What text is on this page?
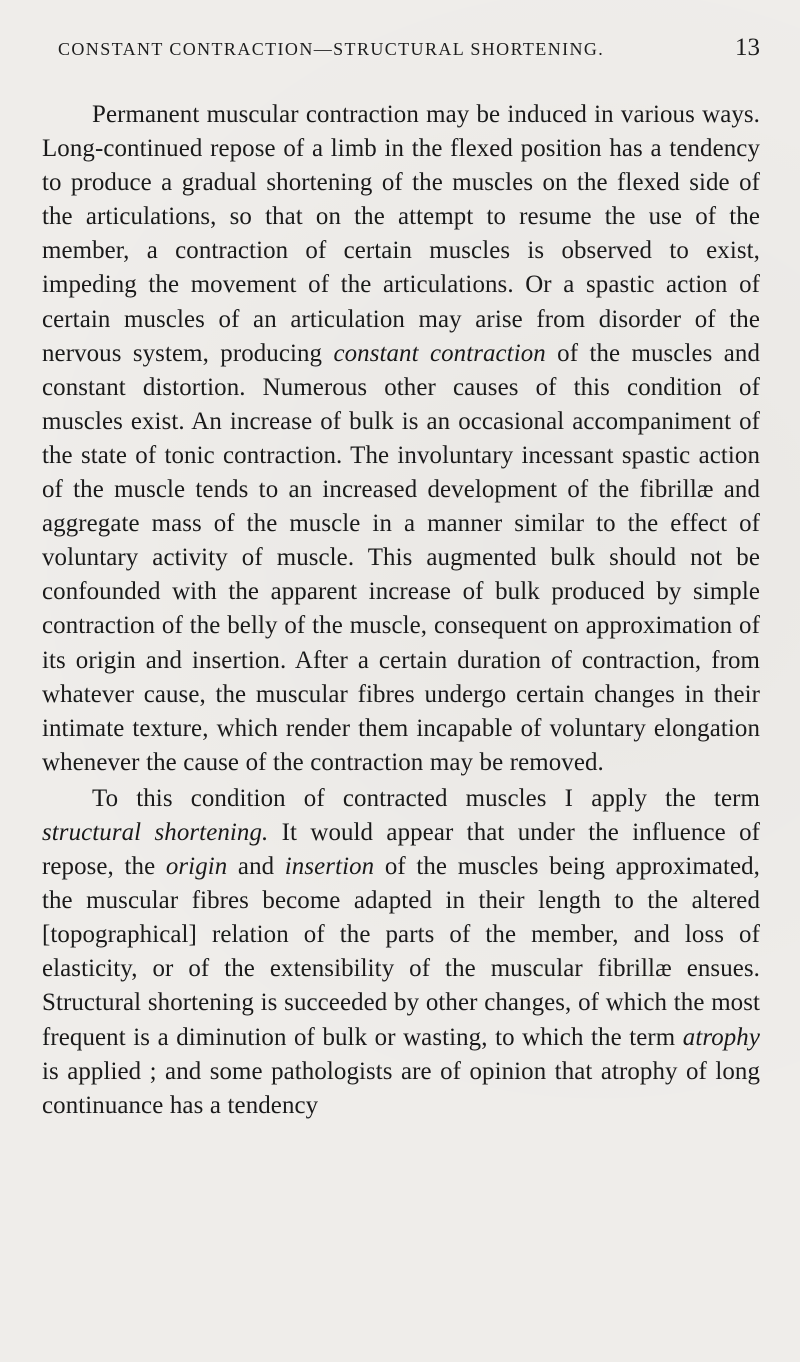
CONSTANT CONTRACTION—STRUCTURAL SHORTENING.	13

Permanent muscular contraction may be induced in various ways. Long-continued repose of a limb in the flexed position has a tendency to produce a gradual shortening of the muscles on the flexed side of the articulations, so that on the attempt to resume the use of the member, a contraction of certain muscles is observed to exist, impeding the movement of the articulations. Or a spastic action of certain muscles of an articulation may arise from disorder of the nervous system, producing constant contraction of the muscles and constant distortion. Numerous other causes of this condition of muscles exist. An increase of bulk is an occasional accompaniment of the state of tonic contraction. The involuntary incessant spastic action of the muscle tends to an increased development of the fibrillæ and aggregate mass of the muscle in a manner similar to the effect of voluntary activity of muscle. This augmented bulk should not be confounded with the apparent increase of bulk produced by simple contraction of the belly of the muscle, consequent on approximation of its origin and insertion. After a certain duration of contraction, from whatever cause, the muscular fibres undergo certain changes in their intimate texture, which render them incapable of voluntary elongation whenever the cause of the contraction may be removed.

To this condition of contracted muscles I apply the term structural shortening. It would appear that under the influence of repose, the origin and insertion of the muscles being approximated, the muscular fibres become adapted in their length to the altered [topographical] relation of the parts of the member, and loss of elasticity, or of the extensibility of the muscular fibrillæ ensues. Structural shortening is succeeded by other changes, of which the most frequent is a diminution of bulk or wasting, to which the term atrophy is applied ; and some pathologists are of opinion that atrophy of long continuance has a tendency
